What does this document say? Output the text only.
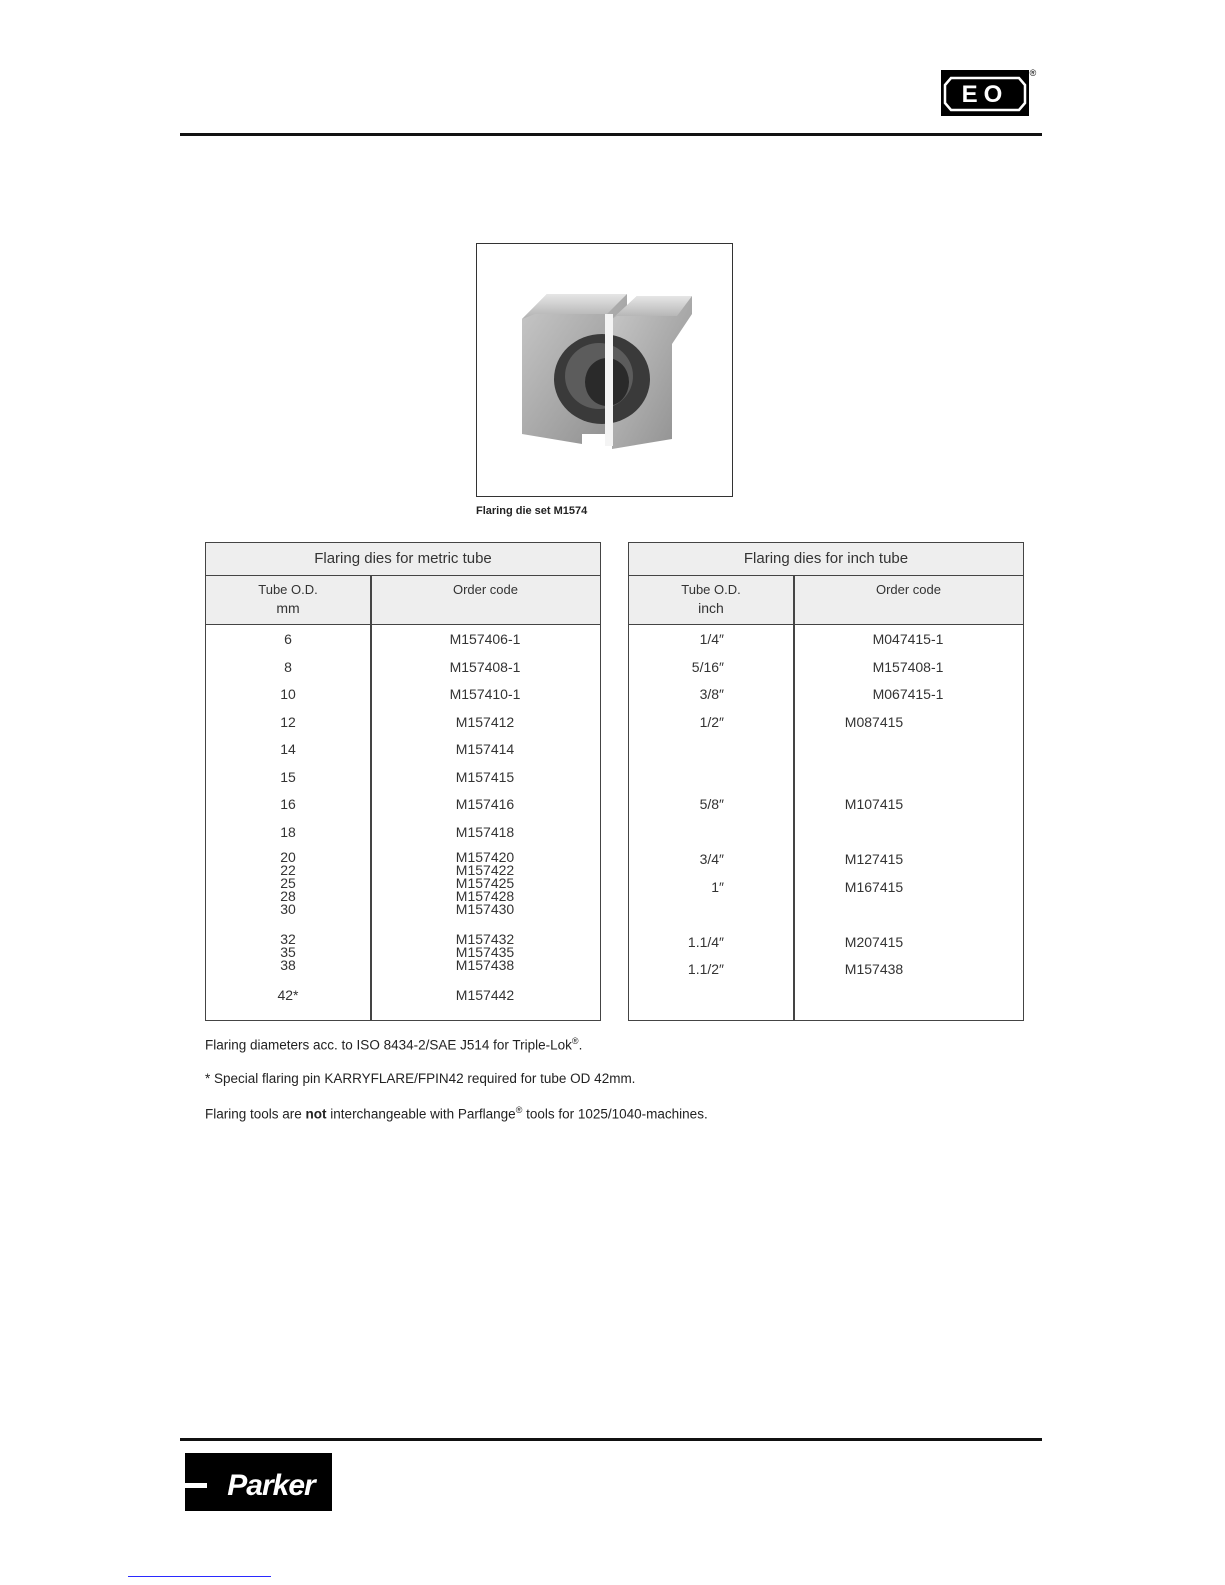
EO
®
Flaring die set M1574
Flaring dies for metric tube
Tube O.D.
mm
Order code
6	M157406-1
8	M157408-1
10	M157410-1
12	M157412
14	M157414
15	M157415
16	M157416
18	M157418
20	M157420
22	M157422
25	M157425
28	M157428
30	M157430
32	M157432
35	M157435
38	M157438
42*	M157442
Flaring dies for inch tube
Tube O.D.
inch
Order code
1/4″	M047415-1
5/16″	M157408-1
3/8″	M067415-1
1/2″	M087415
5/8″	M107415
3/4″	M127415
1″	M167415
1.1/4″	M207415
1.1/2″	M157438
Flaring diameters acc. to ISO 8434-2/SAE J514 for Triple-Lok®.
* Special flaring pin KARRYFLARE/FPIN42 required for tube OD 42mm.
Flaring tools are not interchangeable with Parflange® tools for 1025/1040-machines.
Parker
